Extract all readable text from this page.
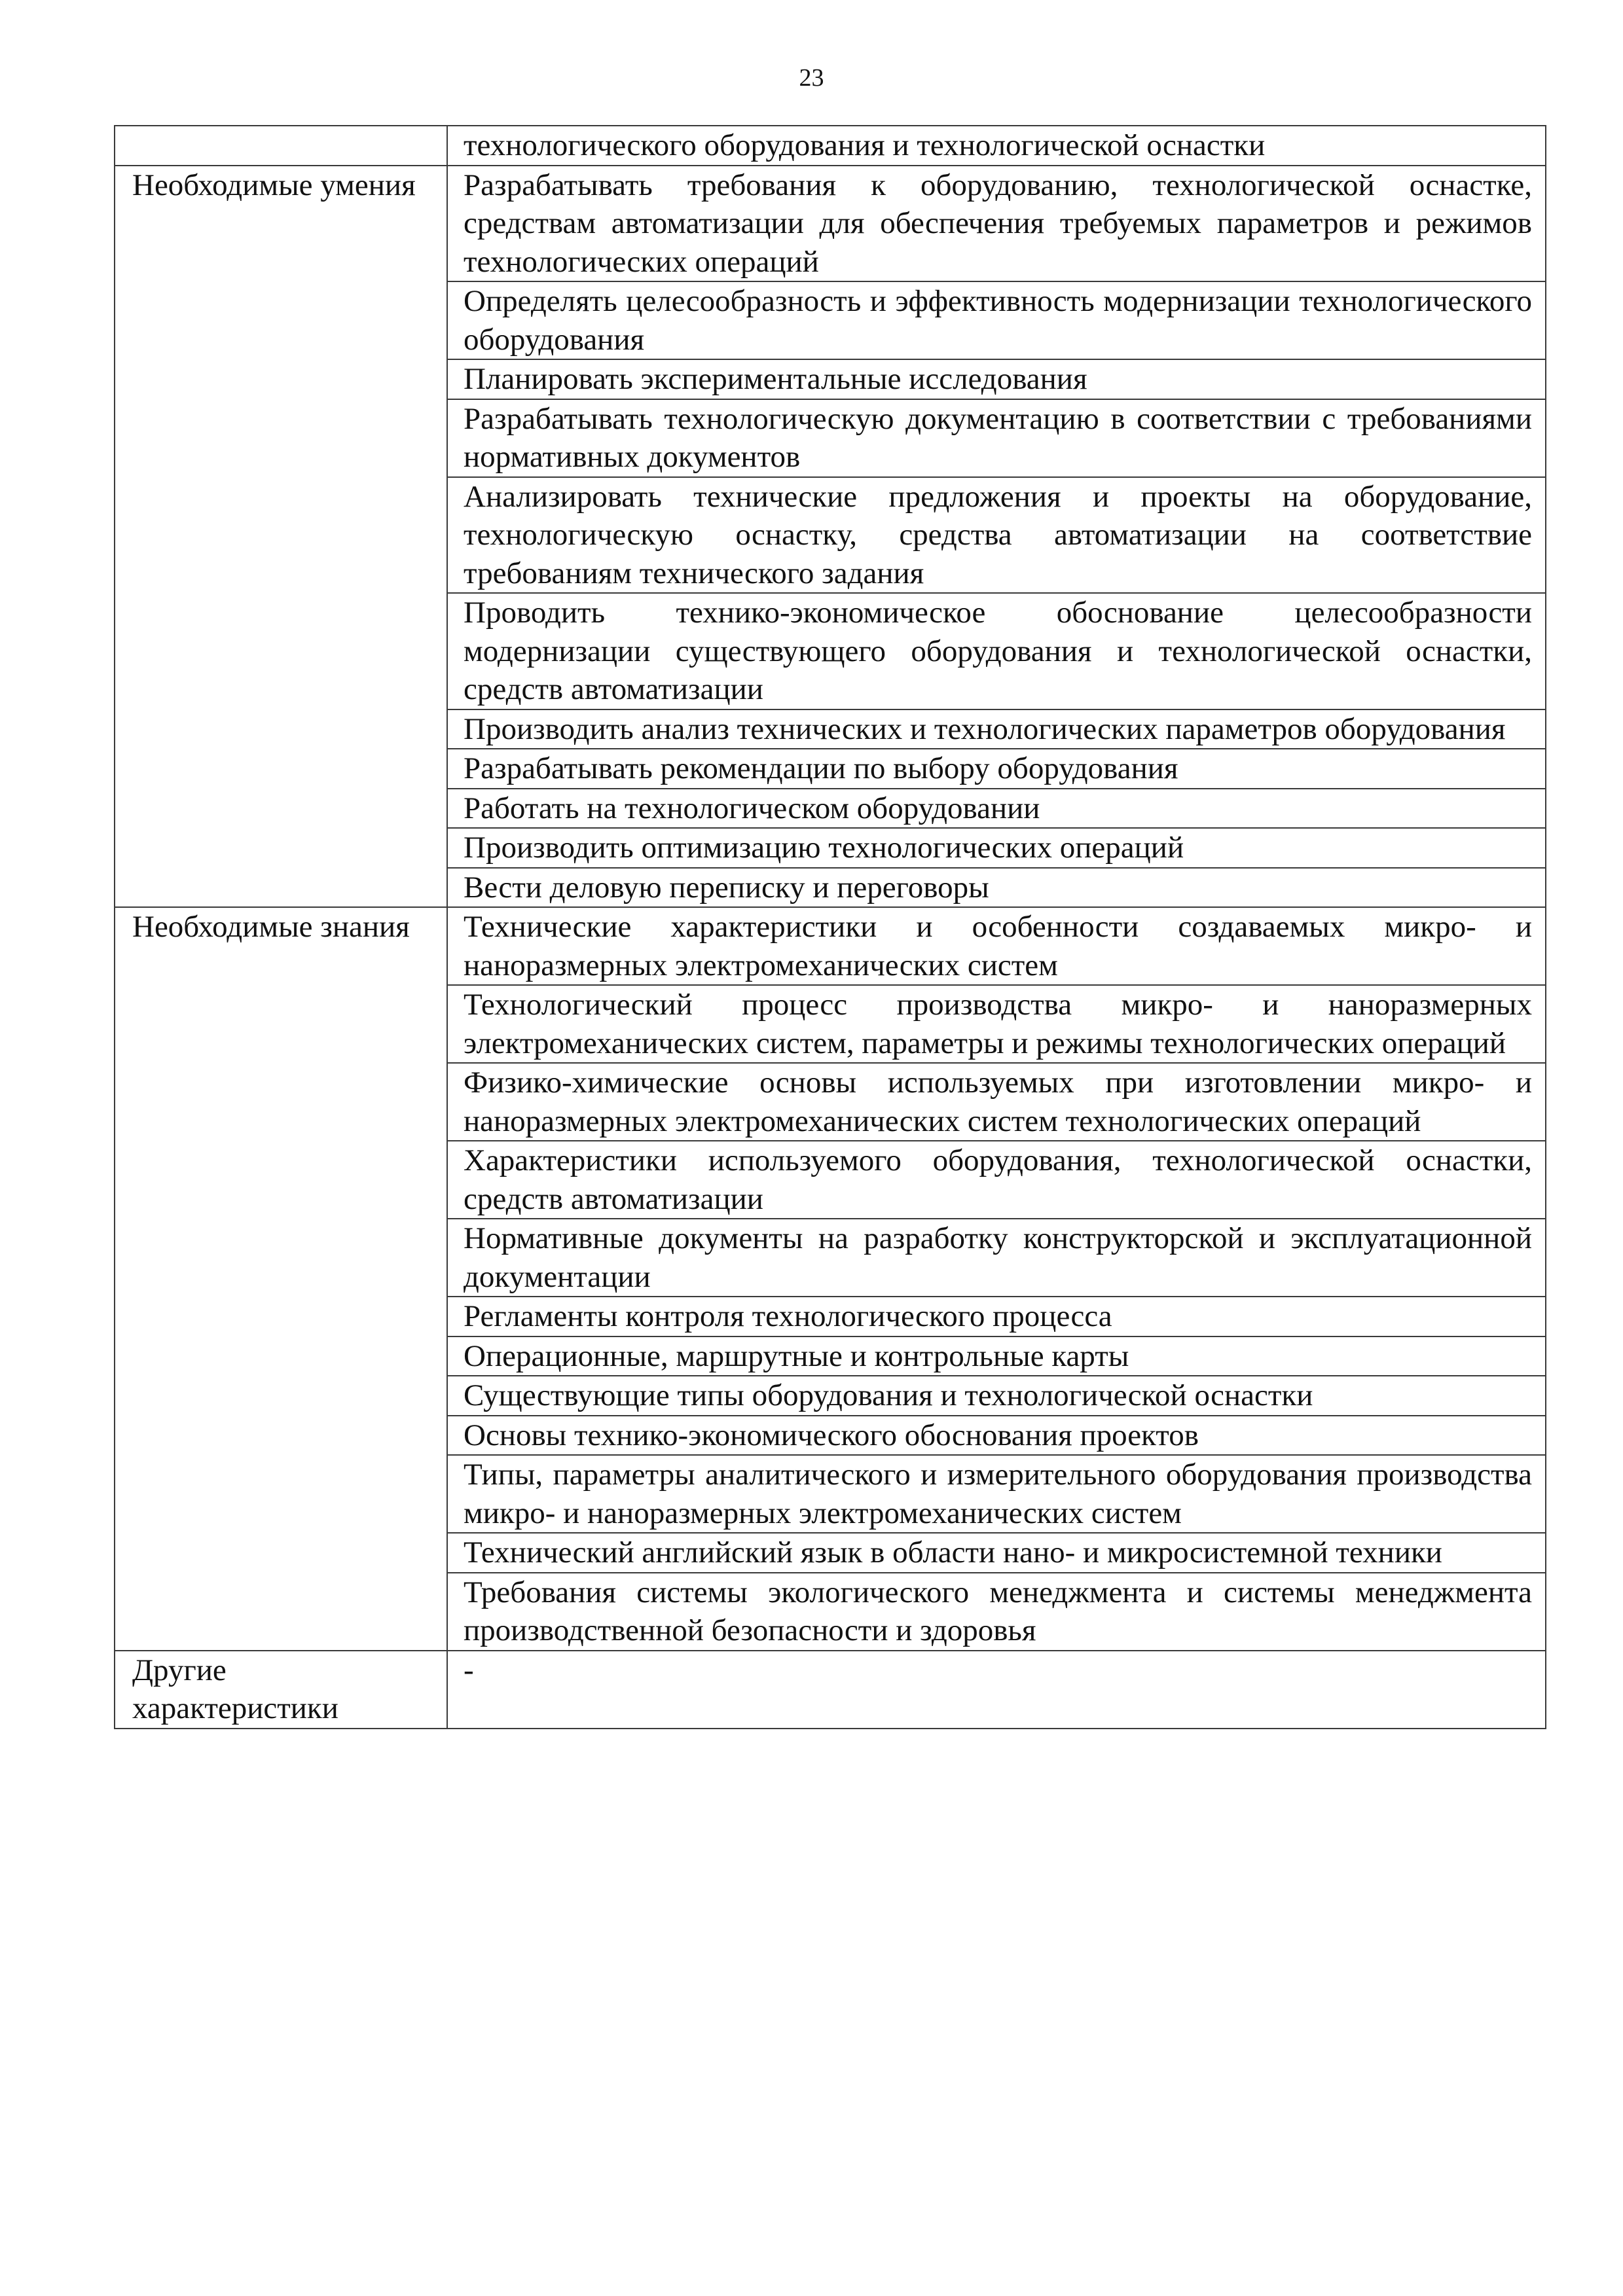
23
	технологического оборудования и технологической оснастки
Необходимые умения	Разрабатывать требования к оборудованию, технологической оснастке, средствам автоматизации для обеспечения требуемых параметров и режимов технологических операций
	Определять целесообразность и эффективность модернизации технологического оборудования
	Планировать экспериментальные исследования
	Разрабатывать технологическую документацию в соответствии с требованиями нормативных документов
	Анализировать технические предложения и проекты на оборудование, технологическую оснастку, средства автоматизации на соответствие требованиям технического задания
	Проводить технико-экономическое обоснование целесообразности модернизации существующего оборудования и технологической оснастки, средств автоматизации
	Производить анализ технических и технологических параметров оборудования
	Разрабатывать рекомендации по выбору оборудования
	Работать на технологическом оборудовании
	Производить оптимизацию технологических операций
	Вести деловую переписку и переговоры
Необходимые знания	Технические характеристики и особенности создаваемых микро- и наноразмерных электромеханических систем
	Технологический процесс производства микро- и наноразмерных электромеханических систем, параметры и режимы технологических операций
	Физико-химические основы используемых при изготовлении микро- и наноразмерных электромеханических систем технологических операций
	Характеристики используемого оборудования, технологической оснастки, средств автоматизации
	Нормативные документы на разработку конструкторской и эксплуатационной документации
	Регламенты контроля технологического процесса
	Операционные, маршрутные и контрольные карты
	Существующие типы оборудования и технологической оснастки
	Основы технико-экономического обоснования проектов
	Типы, параметры аналитического и измерительного оборудования производства микро- и наноразмерных электромеханических систем
	Технический английский язык в области нано- и микросистемной техники
	Требования системы экологического менеджмента и системы менеджмента производственной безопасности и здоровья
Другие характеристики	-
